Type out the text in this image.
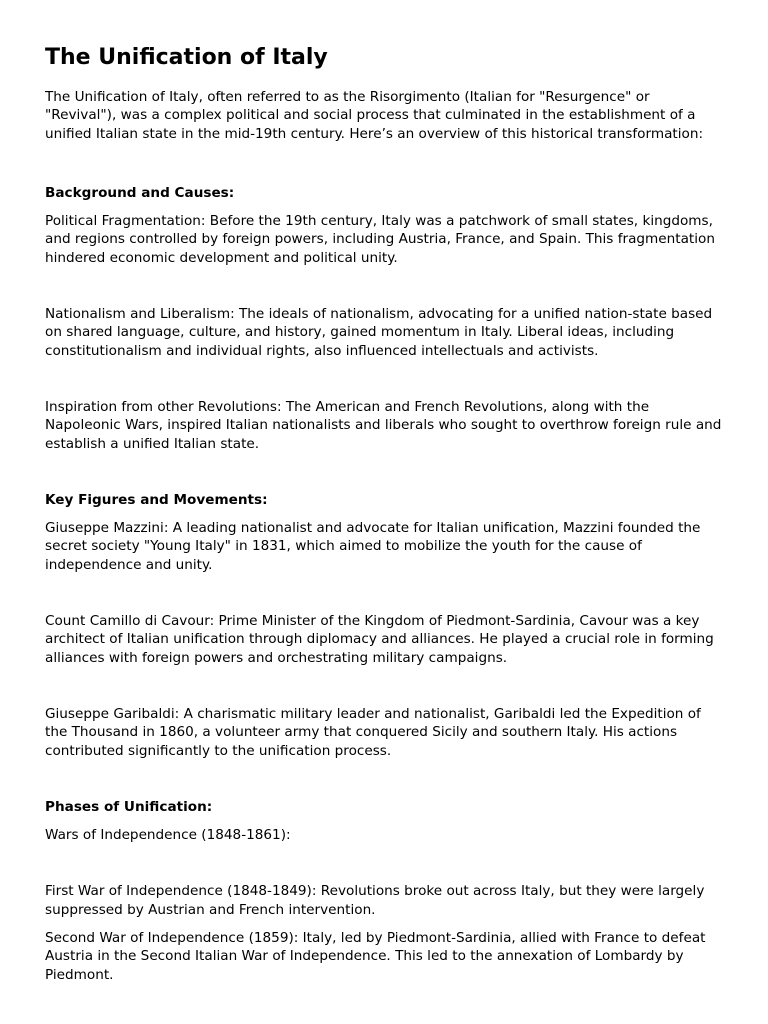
The Unification of Italy

The Unification of Italy, often referred to as the Risorgimento (Italian for "Resurgence" or "Revival"), was a complex political and social process that culminated in the establishment of a unified Italian state in the mid-19th century. Here’s an overview of this historical transformation:

Background and Causes:

Political Fragmentation: Before the 19th century, Italy was a patchwork of small states, kingdoms, and regions controlled by foreign powers, including Austria, France, and Spain. This fragmentation hindered economic development and political unity.

Nationalism and Liberalism: The ideals of nationalism, advocating for a unified nation-state based on shared language, culture, and history, gained momentum in Italy. Liberal ideas, including constitutionalism and individual rights, also influenced intellectuals and activists.

Inspiration from other Revolutions: The American and French Revolutions, along with the Napoleonic Wars, inspired Italian nationalists and liberals who sought to overthrow foreign rule and establish a unified Italian state.

Key Figures and Movements:

Giuseppe Mazzini: A leading nationalist and advocate for Italian unification, Mazzini founded the secret society "Young Italy" in 1831, which aimed to mobilize the youth for the cause of independence and unity.

Count Camillo di Cavour: Prime Minister of the Kingdom of Piedmont-Sardinia, Cavour was a key architect of Italian unification through diplomacy and alliances. He played a crucial role in forming alliances with foreign powers and orchestrating military campaigns.

Giuseppe Garibaldi: A charismatic military leader and nationalist, Garibaldi led the Expedition of the Thousand in 1860, a volunteer army that conquered Sicily and southern Italy. His actions contributed significantly to the unification process.

Phases of Unification:

Wars of Independence (1848-1861):

First War of Independence (1848-1849): Revolutions broke out across Italy, but they were largely suppressed by Austrian and French intervention.

Second War of Independence (1859): Italy, led by Piedmont-Sardinia, allied with France to defeat Austria in the Second Italian War of Independence. This led to the annexation of Lombardy by Piedmont.
